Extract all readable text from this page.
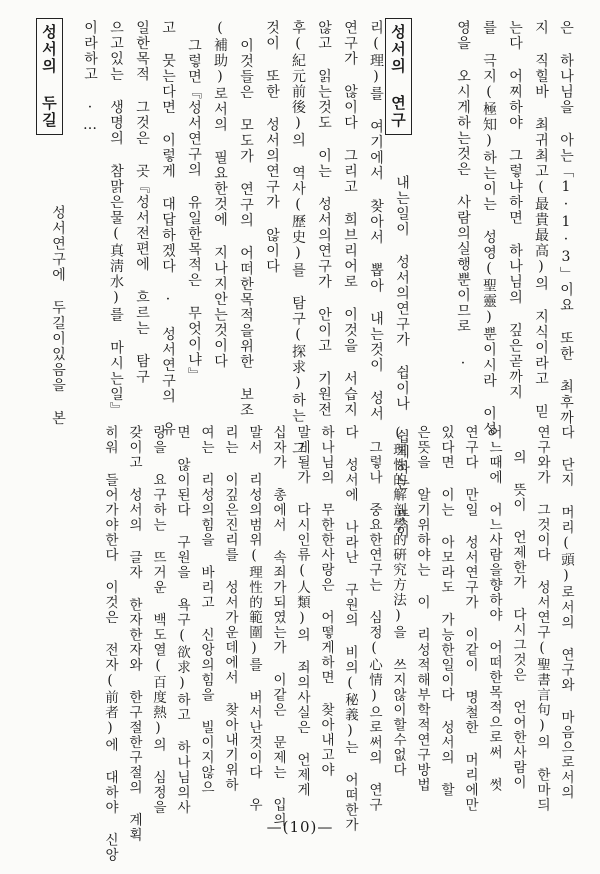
은 하나님을 아는「1·1·3」이요 또한 최후까
지 직힐바 최귀최고(最貴最高)의 지식이라고 믿
는다 어찌하야 그렇냐하면 하나님의 깊은곧까지
를 극지(極知)하는이는 성영(聖靈)뿐이시라 이성
영을 오시게하는것은 사람의실행뿐이므로 .
내는일이 성서의연구가 쉽이나 쉽게하는 뜻이
리(理)를 여기에서 찾아서 뽑아 내는것이 성서
연구가 않이다 그리고 희브리어로 이것을 서습지
않고 읽는것도 이는 성서의연구가 안이고 기원전
후(紀元前後)의 역사(歷史)를 탐구(探求)하는 그
것이 또한 성서의연구가 않이다
이것들은 모도가 연구의 어떠한목적을위한 보조
(補助)로서의 필요한것에 지나지안는것이다
그렇면『성서연구의 유일한목적은 무엇이냐』
고 뭇는다면 이렇게 대답하겠다 · 성서연구의 유
일한목적 그것은 곳『성서전편에 흐르는 탐구
으고있는 생명의 참맑은물(真淸水)를 마시는일』
이라하고 ·…
다 단지 머리(頭)로서의 연구와 마음으로서의
연구와가 그것이다 성서연구(聖書言句)의 한마듸
의 뜻이 언제한가 다시그것은 언어한사람이
어느때에 어느사람을향하야 어떠한목적으로써 썻
연구다 만일 성서연구가 이같이 명철한 머리에만
있다면 이는 아모라도 가능한일이다 성서의 할
은뜻을 알기위하야는 이 리성적해부학적연구방법
(理性的解剖學的硏究方法)을 쓰지않이할수없다
그렇나 중요한연구는 심정(心情)으로써의 연구
다 성서에 나라난 구원의 비의(秘義)는 어떠한가
하나님의 무한한사랑은 어떻게하면 찾아내고야
말게될가 다시인류(人類)의 죄의사실은 언제게
십자가 총에서 속죄가되였는가 이같은 문제는 입의
말서 리성의범위(理性的範圍)를 버서난것이다 우
리는 이깊은진리를 성서가운데에서 찾아내기위하
여는 리성의힘을 바리고 신앙의힘을 빌이지않으
면 않이된다 구원을 욕구(欲求)하고 하나님의사
랑을 요구하는 뜨거운 백도열(百度熱)의 심정을
갖이고 성서의 글자 한자한자와 한구절한구절의 계획
히워 들어가야한다 이것은 전자(前者)에 대하야 신앙
성서의 두길
성서연구에 두길이있음을 본
성서의 연구
—(10)—
